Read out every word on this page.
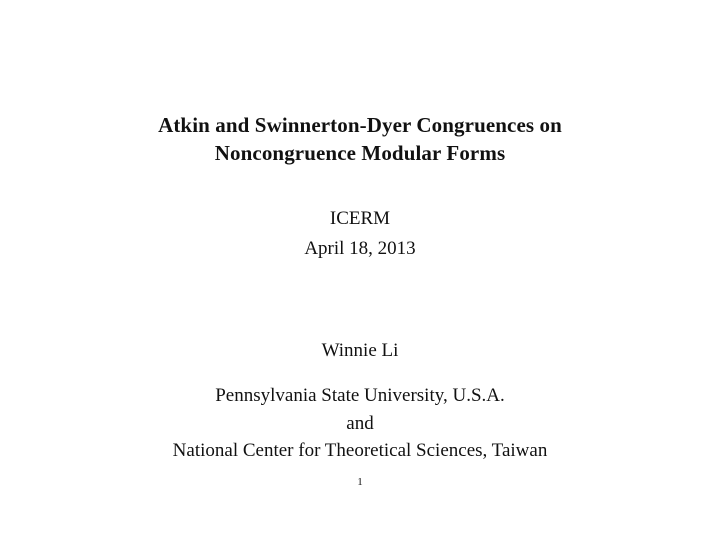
Atkin and Swinnerton-Dyer Congruences on
Noncongruence Modular Forms
ICERM
April 18, 2013
Winnie Li
Pennsylvania State University, U.S.A.
and
National Center for Theoretical Sciences, Taiwan
1
